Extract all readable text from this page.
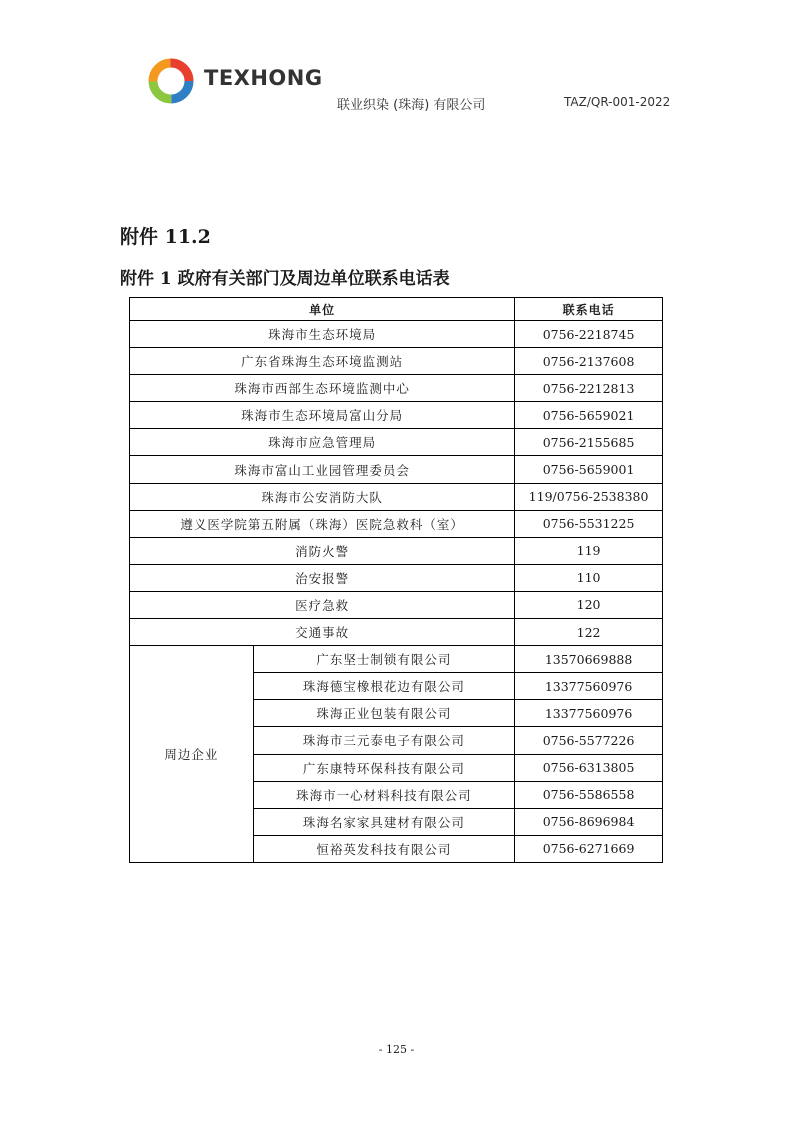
TEXHONG
联业织染 (珠海) 有限公司	TAZ/QR-001-2022
附件 11.2
附件 1 政府有关部门及周边单位联系电话表
单位		联系电话
珠海市生态环境局		0756-2218745
广东省珠海生态环境监测站		0756-2137608
珠海市西部生态环境监测中心		0756-2212813
珠海市生态环境局富山分局		0756-5659021
珠海市应急管理局		0756-2155685
珠海市富山工业园管理委员会		0756-5659001
珠海市公安消防大队		119/0756-2538380
遵义医学院第五附属（珠海）医院急救科（室）		0756-5531225
消防火警		119
治安报警		110
医疗急救		120
交通事故		122
周边企业	广东坚士制锁有限公司	13570669888
	珠海德宝橡根花边有限公司	13377560976
	珠海正业包装有限公司	13377560976
	珠海市三元泰电子有限公司	0756-5577226
	广东康特环保科技有限公司	0756-6313805
	珠海市一心材料科技有限公司	0756-5586558
	珠海名家家具建材有限公司	0756-8696984
	恒裕英发科技有限公司	0756-6271669
- 125 -
